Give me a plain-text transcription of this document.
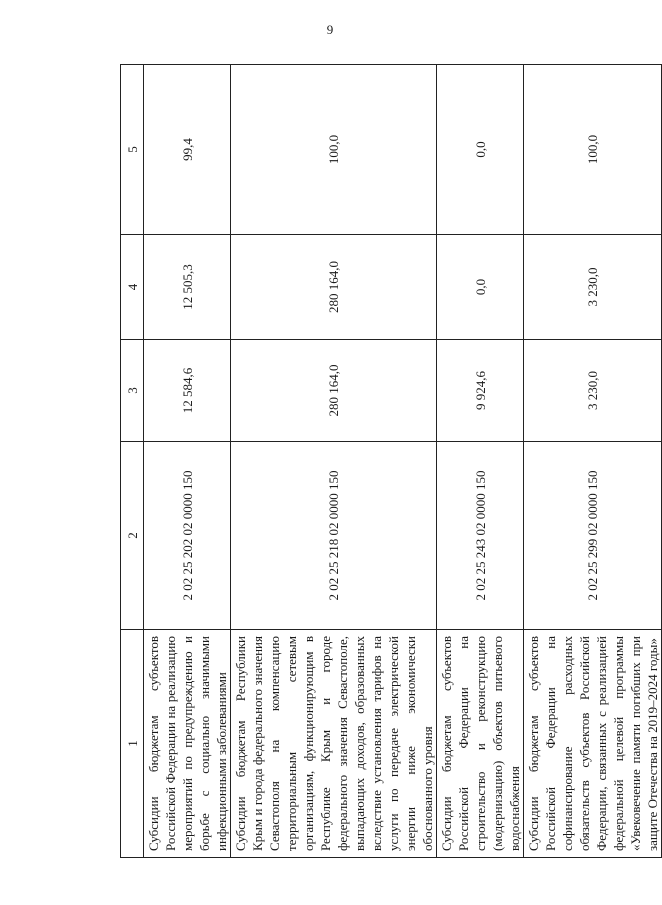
9
1	2	3	4	5
Субсидии бюджетам субъектов Российской Федерации на реализацию мероприятий по предупреждению и борьбе с социально значимыми инфекционными заболеваниями	2 02 25 202 02 0000 150	12 584,6	12 505,3	99,4
Субсидии бюджетам Республики Крым и города федерального значения Севастополя на компенсацию территориальным сетевым организациям, функционирующим в Республике Крым и городе федерального значения Севастополе, выпадающих доходов, образованных вследствие установления тарифов на услуги по передаче электрической энергии ниже экономически обоснованного уровня	2 02 25 218 02 0000 150	280 164,0	280 164,0	100,0
Субсидии бюджетам субъектов Российской Федерации на строительство и реконструкцию (модернизацию) объектов питьевого водоснабжения	2 02 25 243 02 0000 150	9 924,6	0,0	0,0
Субсидии бюджетам субъектов Российской Федерации на софинансирование расходных обязательств субъектов Российской Федерации, связанных с реализацией федеральной целевой программы «Увековечение памяти погибших при защите Отечества на 2019–2024 годы»	2 02 25 299 02 0000 150	3 230,0	3 230,0	100,0
